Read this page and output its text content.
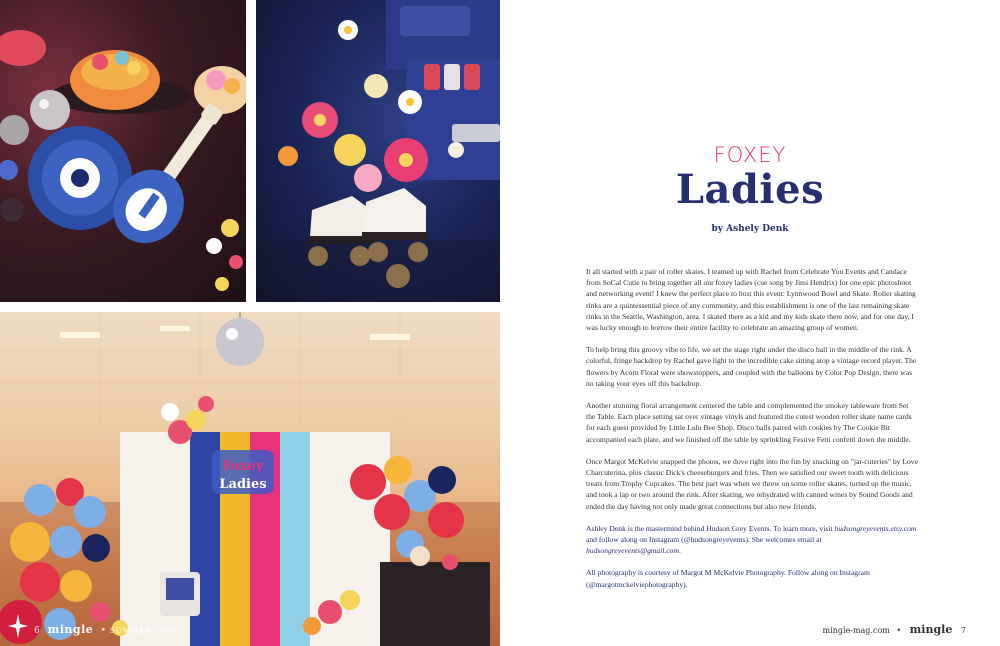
Foxey
Ladies
6 mingle • SUMMER 2023
FOXEY
Ladies
by Ashely Denk

It all started with a pair of roller skates. I teamed up with Rachel from Celebrate You Events and Candace from SoCal Cutie to bring together all our foxey ladies (cue song by Jimi Hendrix) for one epic photoshoot and networking event! I knew the perfect place to host this event: Lynnwood Bowl and Skate. Roller skating rinks are a quintessential piece of any community, and this establishment is one of the last remaining skate rinks in the Seattle, Washington, area. I skated there as a kid and my kids skate there now, and for one day, I was lucky enough to borrow their entire facility to celebrate an amazing group of women.

To help bring this groovy vibe to life, we set the stage right under the disco ball in the middle of the rink. A colorful, fringe backdrop by Rachel gave light to the incredible cake sitting atop a vintage record player. The flowers by Acorn Floral were showstoppers, and coupled with the balloons by Color Pop Design, there was no taking your eyes off this backdrop.

Another stunning floral arrangement centered the table and complemented the smokey tableware from Set the Table. Each place setting sat over vintage vinyls and featured the cutest wooden roller skate name cards for each guest provided by Little Lulu Bee Shop. Disco balls paired with cookies by The Cookie Bit accompanied each plate, and we finished off the table by sprinkling Festive Fetti confetti down the middle.

Once Margot McKelvie snapped the photos, we dove right into the fun by snacking on "jar-cuteries" by Love Charcuterina, plus classic Dick's cheeseburgers and fries. Then we satisfied our sweet tooth with delicious treats from Trophy Cupcakes. The best part was when we threw on some roller skates, turned up the music, and took a lap or two around the rink. After skating, we rehydrated with canned wines by Sound Goods and ended the day having not only made great connections but also new friends.

Ashley Denk is the mastermind behind Hudson Grey Events. To learn more, visit hudsongreyevents.etsy.com and follow along on Instagram (@hudsongreyevents). She welcomes email at hudsongreyevents@gmail.com.

All photography is courtesy of Margot M McKelvie Photography. Follow along on Instagram (@margotmckelviephotography).

mingle-mag.com • mingle 7
